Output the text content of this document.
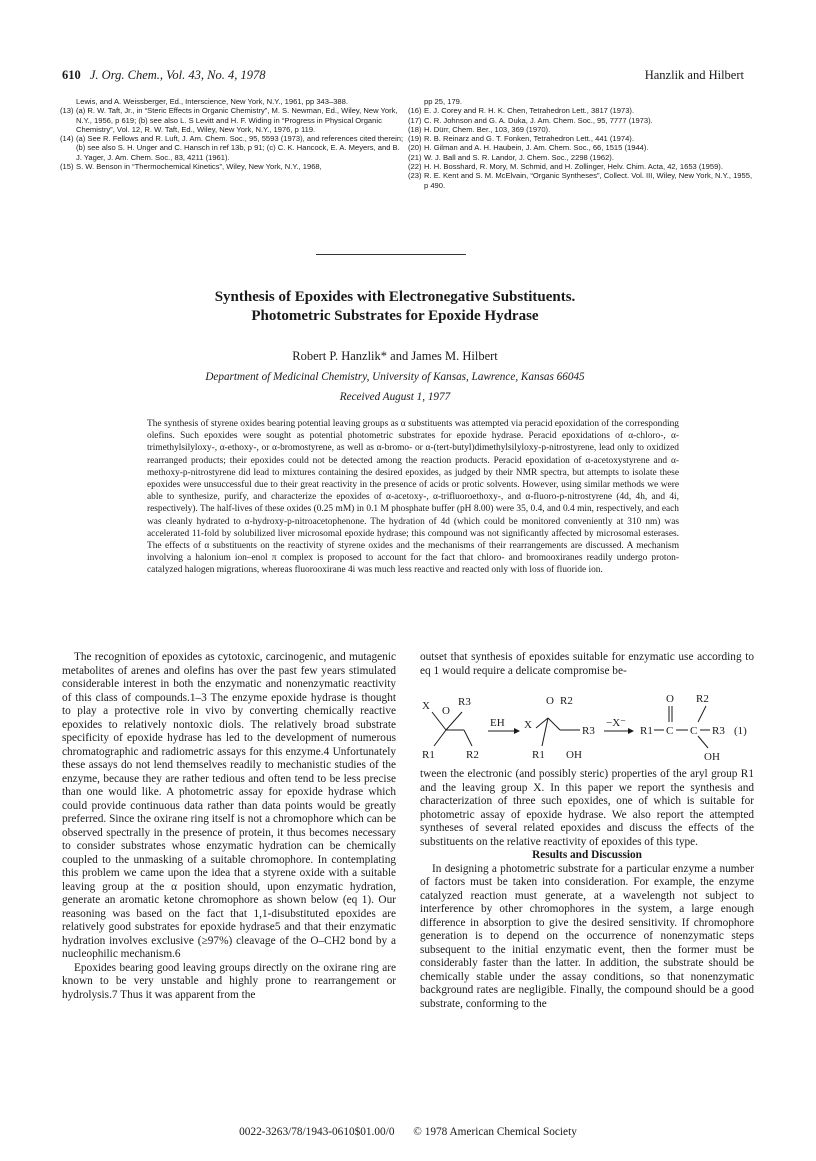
610 J. Org. Chem., Vol. 43, No. 4, 1978	Hanzlik and Hilbert
Lewis, and A. Weissberger, Ed., Interscience, New York, N.Y., 1961, pp 343–388.
(13) (a) R. W. Taft, Jr., in “Steric Effects in Organic Chemistry”, M. S. Newman, Ed., Wiley, New York, N.Y., 1956, p 619; (b) see also L. S Levitt and H. F. Widing in “Progress in Physical Organic Chemistry”, Vol. 12, R. W. Taft, Ed., Wiley, New York, N.Y., 1976, p 119.
(14) (a) See R. Fellows and R. Luft, J. Am. Chem. Soc., 95, 5593 (1973), and references cited therein; (b) see also S. H. Unger and C. Hansch in ref 13b, p 91; (c) C. K. Hancock, E. A. Meyers, and B. J. Yager, J. Am. Chem. Soc., 83, 4211 (1961).
(15) S. W. Benson in “Thermochemical Kinetics”, Wiley, New York, N.Y., 1968,
pp 25, 179.
(16) E. J. Corey and R. H. K. Chen, Tetrahedron Lett., 3817 (1973).
(17) C. R. Johnson and G. A. Duka, J. Am. Chem. Soc., 95, 7777 (1973).
(18) H. Dürr, Chem. Ber., 103, 369 (1970).
(19) R. B. Reinarz and G. T. Fonken, Tetrahedron Lett., 441 (1974).
(20) H. Gilman and A. H. Haubein, J. Am. Chem. Soc., 66, 1515 (1944).
(21) W. J. Ball and S. R. Landor, J. Chem. Soc., 2298 (1962).
(22) H. H. Bosshard, R. Mory, M. Schmid, and H. Zollinger, Helv. Chim. Acta, 42, 1653 (1959).
(23) R. E. Kent and S. M. McElvain, “Organic Syntheses”, Collect. Vol. III, Wiley, New York, N.Y., 1955, p 490.
Synthesis of Epoxides with Electronegative Substituents.
Photometric Substrates for Epoxide Hydrase
Robert P. Hanzlik* and James M. Hilbert
Department of Medicinal Chemistry, University of Kansas, Lawrence, Kansas 66045
Received August 1, 1977
The synthesis of styrene oxides bearing potential leaving groups as α substituents was attempted via peracid epoxidation of the corresponding olefins. Such epoxides were sought as potential photometric substrates for epoxide hydrase. Peracid epoxidations of α-chloro-, α-trimethylsilyloxy-, α-ethoxy-, or α-bromostyrene, as well as α-bromo- or α-(tert-butyl)dimethylsilyloxy-p-nitrostyrene, lead only to oxidized rearranged products; their epoxides could not be detected among the reaction products. Peracid epoxidation of α-acetoxystyrene and α-methoxy-p-nitrostyrene did lead to mixtures containing the desired epoxides, as judged by their NMR spectra, but attempts to isolate these epoxides were unsuccessful due to their great reactivity in the presence of acids or protic solvents. However, using similar methods we were able to synthesize, purify, and characterize the epoxides of α-acetoxy-, α-trifluoroethoxy-, and α-fluoro-p-nitrostyrene (4d, 4h, and 4i, respectively). The half-lives of these oxides (0.25 mM) in 0.1 M phosphate buffer (pH 8.00) were 35, 0.4, and 0.4 min, respectively, and each was cleanly hydrated to α-hydroxy-p-nitroacetophenone. The hydration of 4d (which could be monitored conveniently at 310 nm) was accelerated 11-fold by solubilized liver microsomal epoxide hydrase; this compound was not significantly affected by microsomal esterases. The effects of α substituents on the reactivity of styrene oxides and the mechanisms of their rearrangements are discussed. A mechanism involving a halonium ion–enol π complex is proposed to account for the fact that chloro- and bromooxiranes readily undergo proton-catalyzed halogen migrations, whereas fluorooxirane 4i was much less reactive and reacted only with loss of fluoride ion.

The recognition of epoxides as cytotoxic, carcinogenic, and mutagenic metabolites of arenes and olefins has over the past few years stimulated considerable interest in both the enzymatic and nonenzymatic reactivity of this class of compounds.1–3 The enzyme epoxide hydrase is thought to play a protective role in vivo by converting chemically reactive epoxides to relatively nontoxic diols. The relatively broad substrate specificity of epoxide hydrase has led to the development of numerous chromatographic and radiometric assays for this enzyme.4 Unfortunately these assays do not lend themselves readily to mechanistic studies of the enzyme, because they are rather tedious and often tend to be less precise than one would like. A photometric assay for epoxide hydrase which could provide continuous data rather than data points would be greatly preferred. Since the oxirane ring itself is not a chromophore which can be observed spectrally in the presence of protein, it thus becomes necessary to consider substrates whose enzymatic hydration can be chemically coupled to the unmasking of a suitable chromophore. In contemplating this problem we came upon the idea that a styrene oxide with a suitable leaving group at the α position should, upon enzymatic hydration, generate an aromatic ketone chromophore as shown below (eq 1). Our reasoning was based on the fact that 1,1-disubstituted epoxides are relatively good substrates for epoxide hydrase5 and that their enzymatic hydration involves exclusive (≥97%) cleavage of the O–CH2 bond by a nucleophilic mechanism.6

Epoxides bearing good leaving groups directly on the oxirane ring are known to be very unstable and highly prone to rearrangement or hydrolysis.7 Thus it was apparent from the

outset that synthesis of epoxides suitable for enzymatic use according to eq 1 would require a delicate compromise be-

X O
R3
R1	R2
EH X
O R2
R3
R1 OH
−X⁻
R1 C
O
C
R2
R3
OH
(1)

tween the electronic (and possibly steric) properties of the aryl group R1 and the leaving group X. In this paper we report the synthesis and characterization of three such epoxides, one of which is suitable for photometric assay of epoxide hydrase. We also report the attempted syntheses of several related epoxides and discuss the effects of the substituents on the relative reactivity of epoxides of this type.

Results and Discussion

In designing a photometric substrate for a particular enzyme a number of factors must be taken into consideration. For example, the enzyme catalyzed reaction must generate, at a wavelength not subject to interference by other chromophores in the system, a large enough difference in absorption to give the desired sensitivity. If chromophore generation is to depend on the occurrence of nonenzymatic steps subsequent to the initial enzymatic event, then the former must be considerably faster than the latter. In addition, the substrate should be chemically stable under the assay conditions, so that nonenzymatic background rates are negligible. Finally, the compound should be a good substrate, conforming to the

0022-3263/78/1943-0610$01.00/0 © 1978 American Chemical Society
